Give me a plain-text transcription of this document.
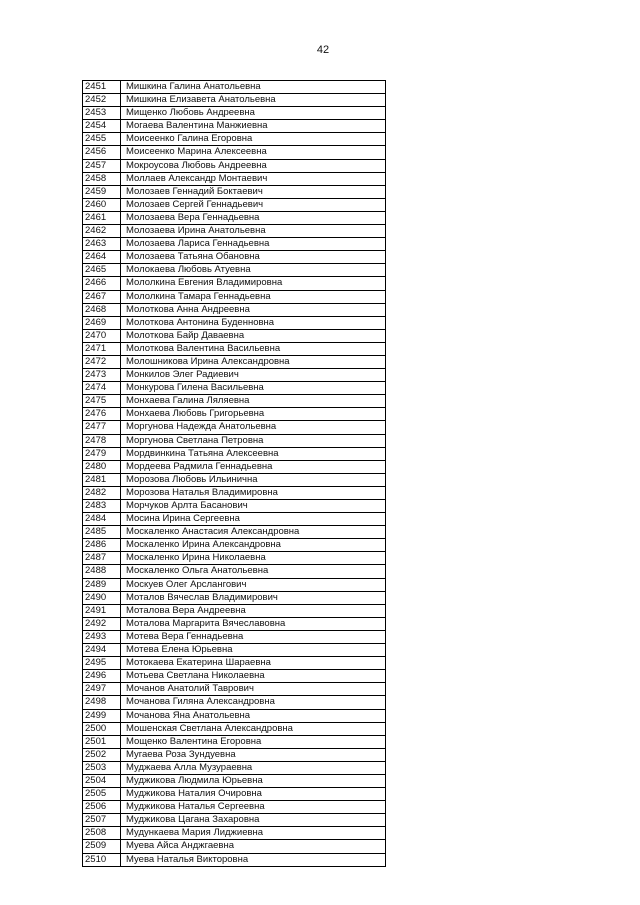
42
2451	Мишкина Галина Анатольевна
2452	Мишкина Елизавета Анатольевна
2453	Мищенко Любовь Андреевна
2454	Могаева Валентина Манжиевна
2455	Моисеенко Галина Егоровна
2456	Моисеенко Марина Алексеевна
2457	Мокроусова Любовь Андреевна
2458	Моллаев Александр Монтаевич
2459	Молозаев Геннадий Боктаевич
2460	Молозаев Сергей Геннадьевич
2461	Молозаева Вера Геннадьевна
2462	Молозаева Ирина Анатольевна
2463	Молозаева Лариса Геннадьевна
2464	Молозаева Татьяна Обановна
2465	Молокаева Любовь Атуевна
2466	Мололкина Евгения Владимировна
2467	Мололкина Тамара Геннадьевна
2468	Молоткова Анна Андреевна
2469	Молоткова Антонина Буденновна
2470	Молоткова Байр Даваевна
2471	Молоткова Валентина Васильевна
2472	Молошникова Ирина Александровна
2473	Монкилов Элег Радиевич
2474	Монкурова Гилена Васильевна
2475	Монхаева Галина Ляляевна
2476	Монхаева Любовь Григорьевна
2477	Моргунова Надежда Анатольевна
2478	Моргунова Светлана Петровна
2479	Мордвинкина Татьяна Алексеевна
2480	Мордеева Радмила Геннадьевна
2481	Морозова Любовь Ильинична
2482	Морозова Наталья Владимировна
2483	Морчуков Арлта Басанович
2484	Мосина Ирина Сергеевна
2485	Москаленко Анастасия Александровна
2486	Москаленко Ирина Александровна
2487	Москаленко Ирина Николаевна
2488	Москаленко Ольга Анатольевна
2489	Москуев Олег Арслангович
2490	Моталов Вячеслав Владимирович
2491	Моталова Вера Андреевна
2492	Моталова Маргарита Вячеславовна
2493	Мотева Вера Геннадьевна
2494	Мотева Елена Юрьевна
2495	Мотокаева Екатерина Шараевна
2496	Мотьева Светлана Николаевна
2497	Мочанов Анатолий Таврович
2498	Мочанова Гиляна Александровна
2499	Мочанова Яна Анатольевна
2500	Мошенская Светлана Александровна
2501	Мощенко Валентина Егоровна
2502	Мугаева Роза Зундуевна
2503	Муджаева Алла Музураевна
2504	Муджикова Людмила Юрьевна
2505	Муджикова Наталия Очировна
2506	Муджикова Наталья Сергеевна
2507	Муджикова Цагана Захаровна
2508	Мудункаева Мария Лиджиевна
2509	Муева Айса Анджгаевна
2510	Муева Наталья Викторовна
